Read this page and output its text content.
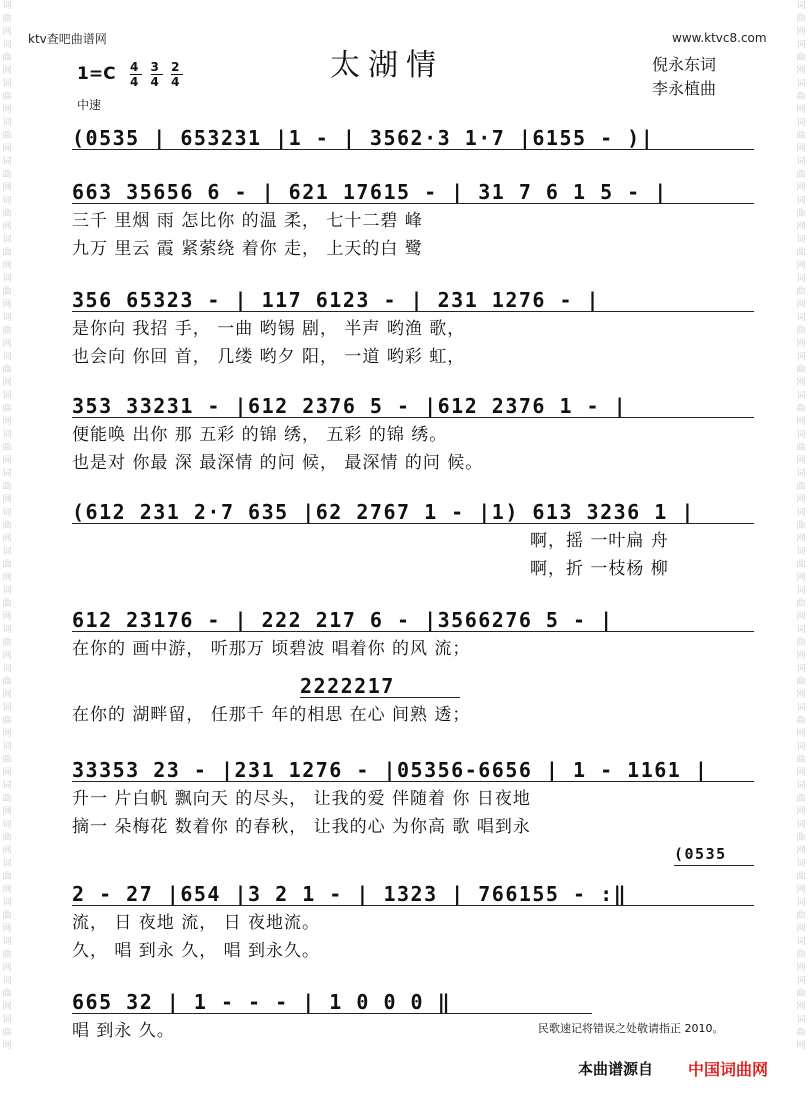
词曲网词曲网词曲网词曲网词曲网词曲网词曲网词曲网词曲网词曲网词曲网词曲网词曲网词曲网词曲网词曲网词曲网词曲网词曲网词曲网词曲网词曲网词曲网词曲网词曲网词曲网词曲网
词曲网词曲网词曲网词曲网词曲网词曲网词曲网词曲网词曲网词曲网词曲网词曲网词曲网词曲网词曲网词曲网词曲网词曲网词曲网词曲网词曲网词曲网词曲网词曲网词曲网词曲网词曲网
ktv查吧曲谱网	www.ktvc8.com
太湖情	倪永东词
李永植曲
$1=C \frac{4}{4}$
$\frac{3}{4}$
$\frac{2}{4}$
中速
(0535 | 653231 |1 - | 3562·3 1·7 |6155 - )|
663 35656 6 - | 621 17615 - | 31 7 6 1 5 - |
三千 里烟 雨 怎比你 的温 柔， 七十二碧 峰
九万 里云 霞 紧萦绕 着你 走， 上天的白 鹭
356 65323 - | 117 6123 - | 231 1276 - |
是你向 我招 手， 一曲 哟锡 剧， 半声 哟渔 歌，
也会向 你回 首， 几缕 哟夕 阳， 一道 哟彩 虹，
353 33231 - |612 2376 5 - |612 2376 1 - |
便能唤 出你 那 五彩 的锦 绣， 五彩 的锦 绣。
也是对 你最 深 最深情 的问 候， 最深情 的问 候。
(612 231 2·7 635 |62 2767 1 - |1) 613 3236 1 |
啊，摇 一叶扁 舟
啊，折 一枝杨 柳
612 23176 - | 222 217 6 - |3566276 5 - |
在你的 画中游， 听那万 顷碧波 唱着你 的风 流；
2222217
在你的 湖畔留， 任那千 年的相思 在心 间熟 透；
33353 23 - |231 1276 - |05356-6656 | 1 - 1161 |
升一 片白帆 飘向天 的尽头， 让我的爱 伴随着 你 日夜地
摘一 朵梅花 数着你 的春秋， 让我的心 为你高 歌 唱到永
(0535
2 - 27 |654 |3 2 1 - | 1323 | 766155 - :‖
流， 日 夜地 流， 日 夜地流。
久， 唱 到永 久， 唱 到永久。
665 32 | 1 - - - | 1 0 0 0 ‖
唱 到永 久。	民歌速记将错误之处敬请指正 2010。
本曲谱源自 中国词曲网
